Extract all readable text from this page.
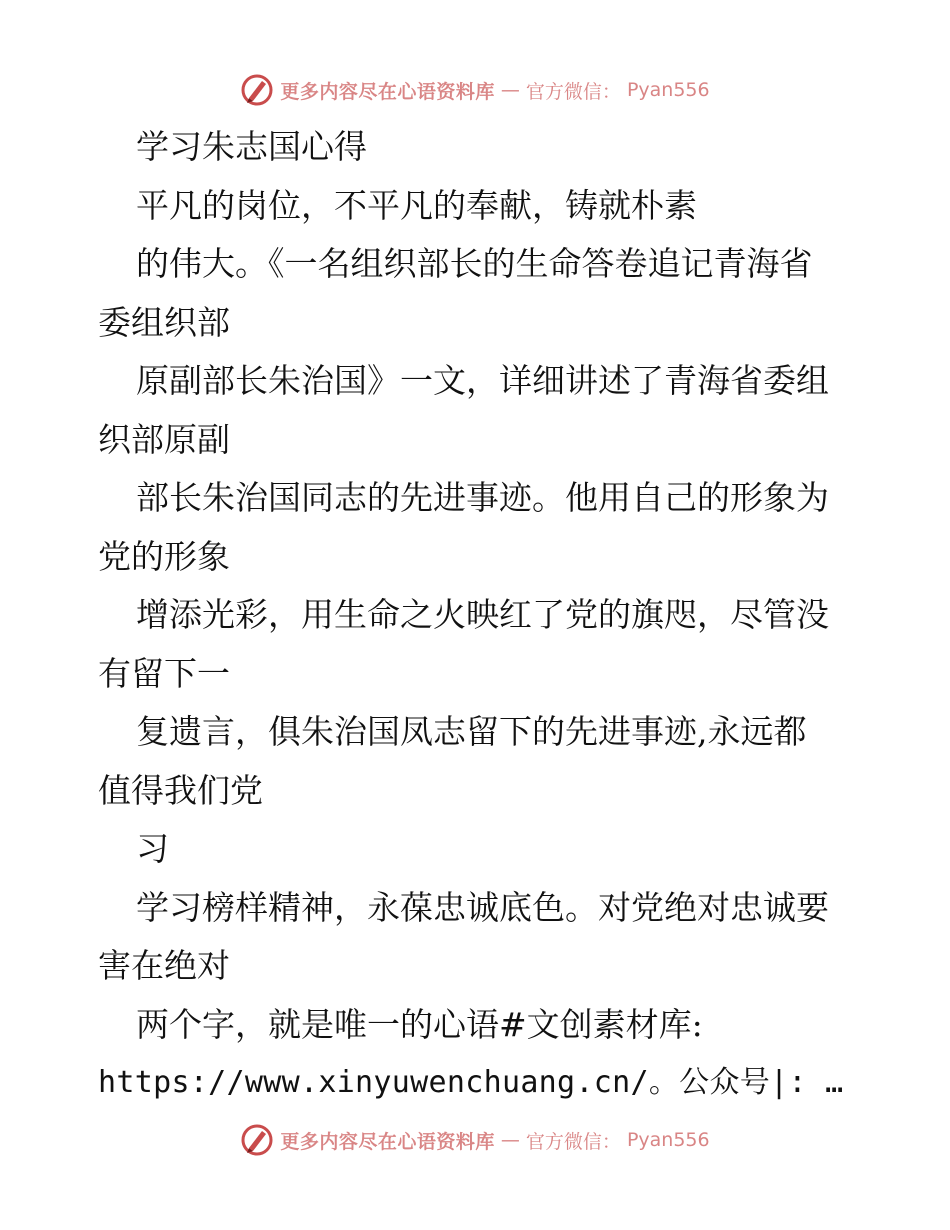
更多内容尽在心语资料库 — 官方微信： Pyan556
学习朱志国心得
平凡的岗位，不平凡的奉献，铸就朴素
的伟大。《一名组织部长的生命答卷追记青海省
委组织部
原副部长朱治国》一文，详细讲述了青海省委组
织部原副
部长朱治国同志的先进事迹。他用自己的形象为
党的形象
增添光彩，用生命之火映红了党的旗咫，尽管没
有留下一
复遗言，俱朱治国凤志留下的先进事迹,永远都
值得我们党
习
学习榜样精神，永葆忠诚底色。对党绝对忠诚要
害在绝对
两个字，就是唯一的心语#文创素材库:
https://www.xinyuwenchuang.cn/。公众号|: …
更多内容尽在心语资料库 — 官方微信： Pyan556
